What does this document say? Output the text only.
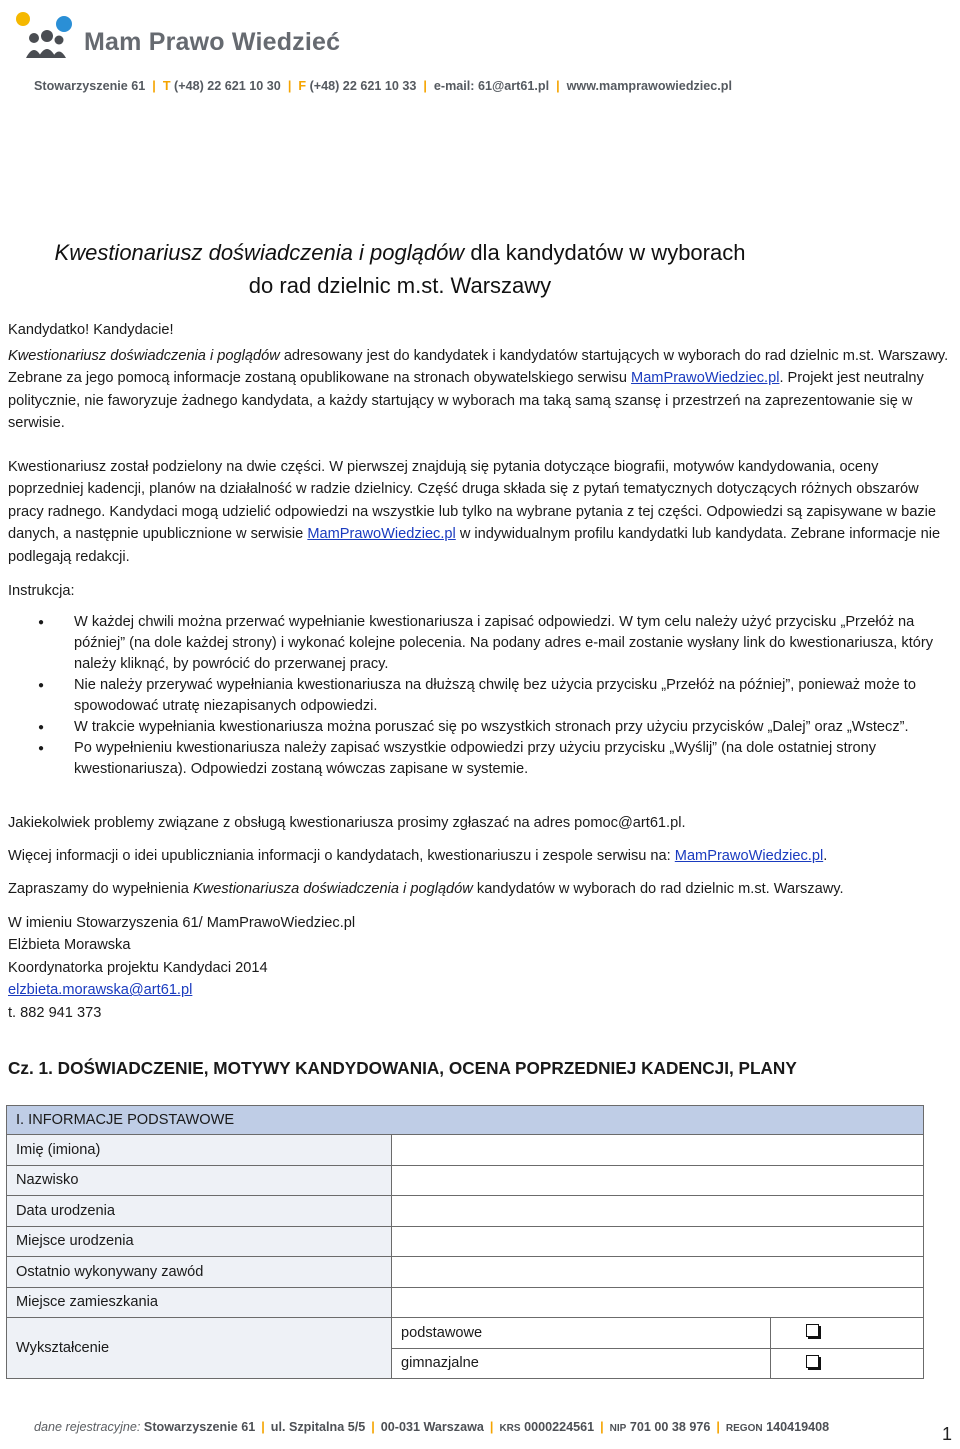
Mam Prawo Wiedzieć
Stowarzyszenie 61 | T (+48) 22 621 10 30 | F (+48) 22 621 10 33 | e-mail: 61@art61.pl | www.mamprawowiedziec.pl
Kwestionariusz doświadczenia i poglądów dla kandydatów w wyborach
do rad dzielnic m.st. Warszawy
Kandydatko! Kandydacie!
Kwestionariusz doświadczenia i poglądów adresowany jest do kandydatek i kandydatów startujących w wyborach do rad dzielnic m.st. Warszawy. Zebrane za jego pomocą informacje zostaną opublikowane na stronach obywatelskiego serwisu MamPrawoWiedziec.pl. Projekt jest neutralny politycznie, nie faworyzuje żadnego kandydata, a każdy startujący w wyborach ma taką samą szansę i przestrzeń na zaprezentowanie się w serwisie.
Kwestionariusz został podzielony na dwie części. W pierwszej znajdują się pytania dotyczące biografii, motywów kandydowania, oceny poprzedniej kadencji, planów na działalność w radzie dzielnicy. Część druga składa się z pytań tematycznych dotyczących różnych obszarów pracy radnego. Kandydaci mogą udzielić odpowiedzi na wszystkie lub tylko na wybrane pytania z tej części. Odpowiedzi są zapisywane w bazie danych, a następnie upublicznione w serwisie MamPrawoWiedziec.pl w indywidualnym profilu kandydatki lub kandydata. Zebrane informacje nie podlegają redakcji.
Instrukcja:
● W każdej chwili można przerwać wypełnianie kwestionariusza i zapisać odpowiedzi. W tym celu należy użyć przycisku „Przełóż na później” (na dole każdej strony) i wykonać kolejne polecenia. Na podany adres e-mail zostanie wysłany link do kwestionariusza, który należy kliknąć, by powrócić do przerwanej pracy.
● Nie należy przerywać wypełniania kwestionariusza na dłuższą chwilę bez użycia przycisku „Przełóż na później”, ponieważ może to spowodować utratę niezapisanych odpowiedzi.
● W trakcie wypełniania kwestionariusza można poruszać się po wszystkich stronach przy użyciu przycisków „Dalej” oraz „Wstecz”.
● Po wypełnieniu kwestionariusza należy zapisać wszystkie odpowiedzi przy użyciu przycisku „Wyślij” (na dole ostatniej strony kwestionariusza). Odpowiedzi zostaną wówczas zapisane w systemie.
Jakiekolwiek problemy związane z obsługą kwestionariusza prosimy zgłaszać na adres pomoc@art61.pl.
Więcej informacji o idei upubliczniania informacji o kandydatach, kwestionariuszu i zespole serwisu na: MamPrawoWiedziec.pl.
Zapraszamy do wypełnienia Kwestionariusza doświadczenia i poglądów kandydatów w wyborach do rad dzielnic m.st. Warszawy.
W imieniu Stowarzyszenia 61/ MamPrawoWiedziec.pl
Elżbieta Morawska
Koordynatorka projektu Kandydaci 2014
elzbieta.morawska@art61.pl
t. 882 941 373
Cz. 1. DOŚWIADCZENIE, MOTYWY KANDYDOWANIA, OCENA POPRZEDNIEJ KADENCJI, PLANY
I. INFORMACJE PODSTAWOWE		
Imię (imiona)		
Nazwisko		
Data urodzenia		
Miejsce urodzenia		
Ostatnio wykonywany zawód		
Miejsce zamieszkania		
Wykształcenie	podstawowe	
	gimnazjalne	
dane rejestracyjne: Stowarzyszenie 61 | ul. Szpitalna 5/5 | 00-031 Warszawa | KRS 0000224561 | NIP 701 00 38 976 | REGON 140419408	1
